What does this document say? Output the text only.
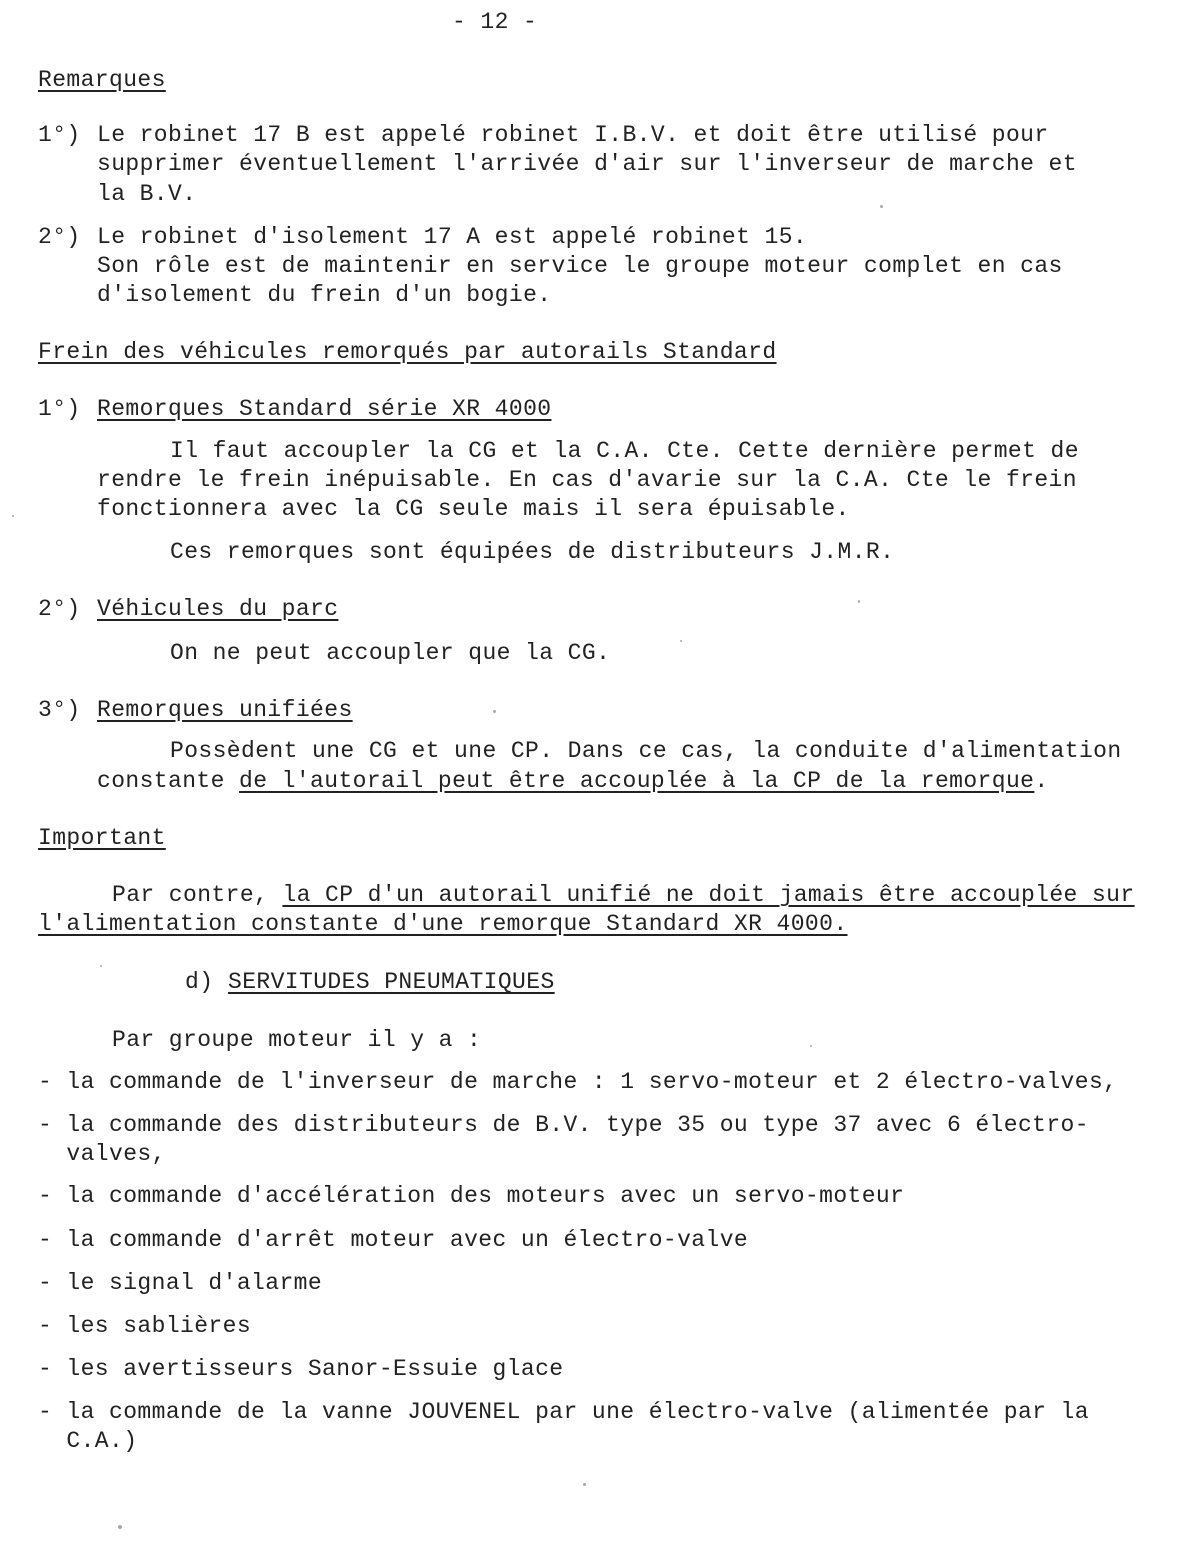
- 12 -
Remarques
1°) Le robinet 17 B est appelé robinet I.B.V. et doit être utilisé pour
supprimer éventuellement l'arrivée d'air sur l'inverseur de marche et
la B.V.
2°) Le robinet d'isolement 17 A est appelé robinet 15.
Son rôle est de maintenir en service le groupe moteur complet en cas
d'isolement du frein d'un bogie.
Frein des véhicules remorqués par autorails Standard
1°) Remorques Standard série XR 4000
Il faut accoupler la CG et la C.A. Cte. Cette dernière permet de
rendre le frein inépuisable. En cas d'avarie sur la C.A. Cte le frein
fonctionnera avec la CG seule mais il sera épuisable.
Ces remorques sont équipées de distributeurs J.M.R.
2°) Véhicules du parc
On ne peut accoupler que la CG.
3°) Remorques unifiées
Possèdent une CG et une CP. Dans ce cas, la conduite d'alimentation
constante de l'autorail peut être accouplée à la CP de la remorque.
Important
Par contre, la CP d'un autorail unifié ne doit jamais être accouplée sur
l'alimentation constante d'une remorque Standard XR 4000.
d) SERVITUDES PNEUMATIQUES
Par groupe moteur il y a :
- la commande de l'inverseur de marche : 1 servo-moteur et 2 électro-valves,
- la commande des distributeurs de B.V. type 35 ou type 37 avec 6 électro-
valves,
- la commande d'accélération des moteurs avec un servo-moteur
- la commande d'arrêt moteur avec un électro-valve
- le signal d'alarme
- les sablières
- les avertisseurs Sanor-Essuie glace
- la commande de la vanne JOUVENEL par une électro-valve (alimentée par la
C.A.)
